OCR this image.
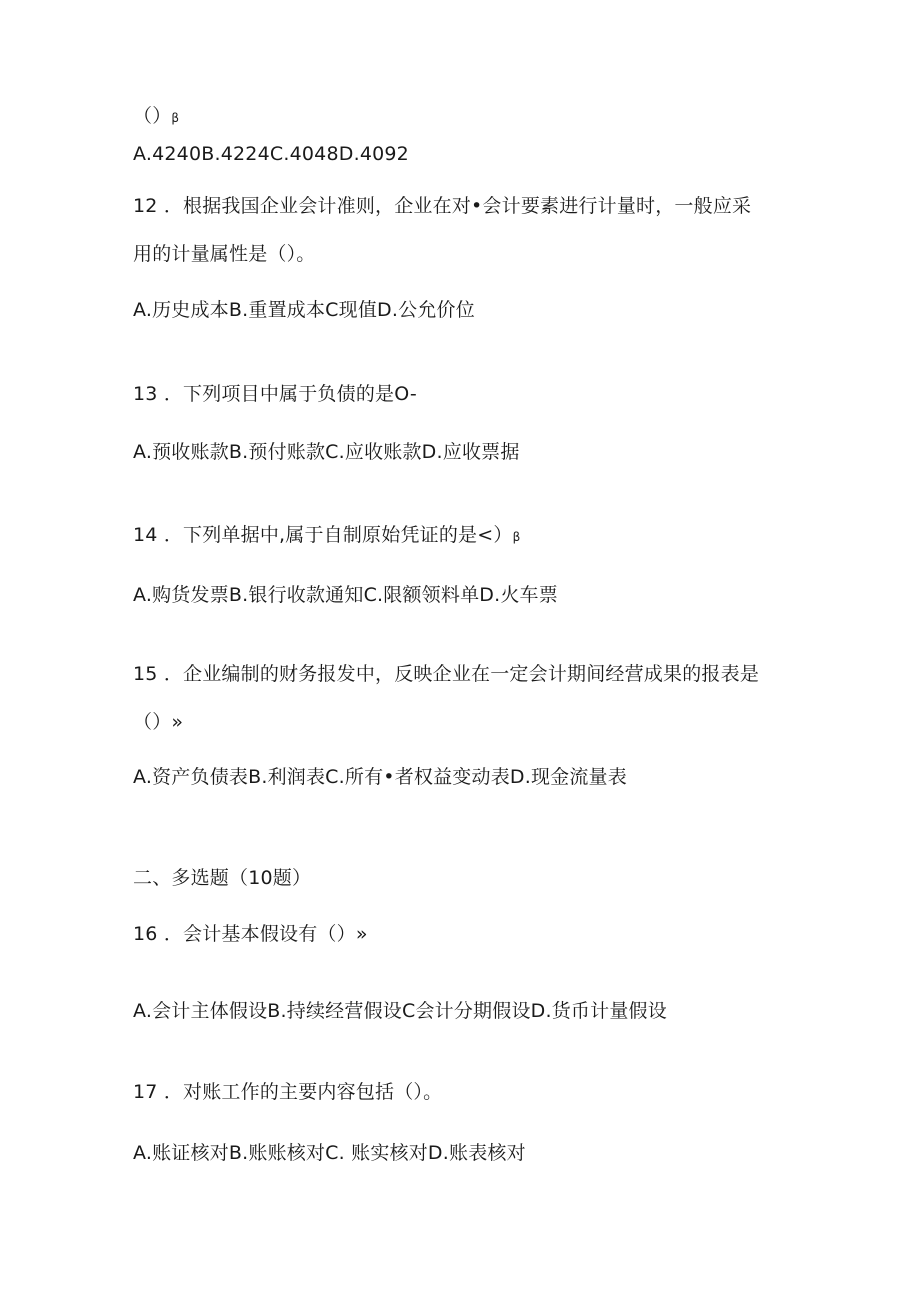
（）β
A.4240B.4224C.4048D.4092
12 ．根据我国企业会计准则，企业在对•会计要素进行计量时，一般应采
用的计量属性是（）。
A.历史成本B.重置成本C现值D.公允价位
13 ．下列项目中属于负债的是O-
A.预收账款B.预付账款C.应收账款D.应收票据
14 ．下列单据中,属于自制原始凭证的是<）β
A.购货发票B.银行收款通知C.限额领料单D.火车票
15 ．企业编制的财务报发中，反映企业在一定会计期间经营成果的报表是
（）»
A.资产负债表B.利润表C.所有•者权益变动表D.现金流量表
二、多选题（10题）
16 ．会计基本假设有（）»
A.会计主体假设B.持续经营假设C会计分期假设D.货币计量假设
17 ．对账工作的主要内容包括（）。
A.账证核对B.账账核对C. 账实核对D.账表核对
